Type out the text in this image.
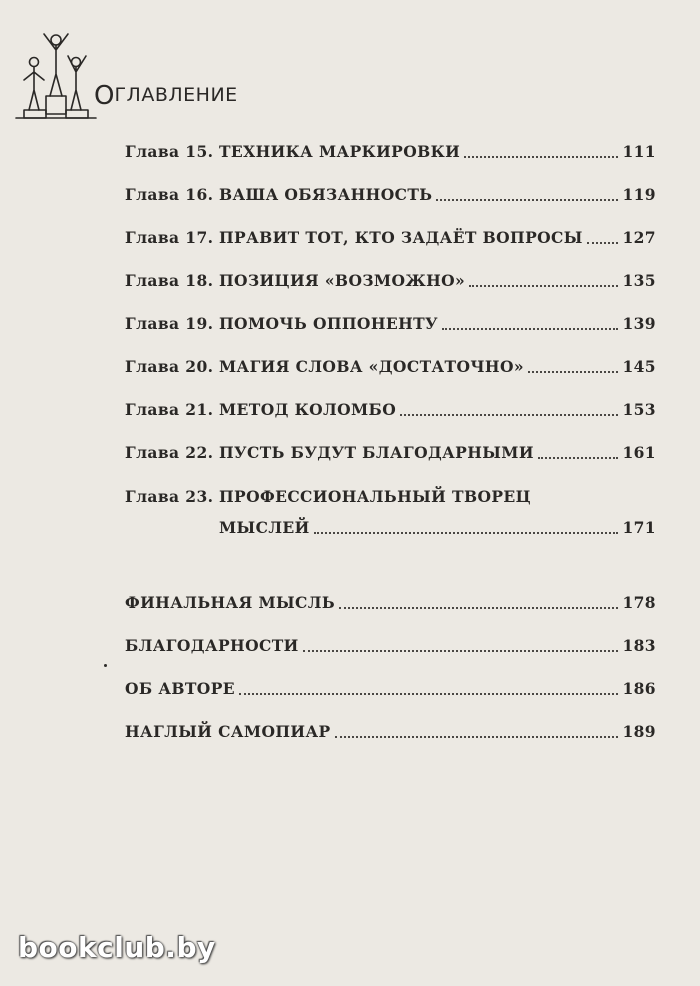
ОГЛАВЛЕНИЕ
Глава 15. ТЕХНИКА МАРКИРОВКИ	111
Глава 16. ВАША ОБЯЗАННОСТЬ	119
Глава 17. ПРАВИТ ТОТ, КТО ЗАДАЁТ ВОПРОСЫ	127
Глава 18. ПОЗИЦИЯ «ВОЗМОЖНО»	135
Глава 19. ПОМОЧЬ ОППОНЕНТУ	139
Глава 20. МАГИЯ СЛОВА «ДОСТАТОЧНО»	145
Глава 21. МЕТОД КОЛОМБО	153
Глава 22. ПУСТЬ БУДУТ БЛАГОДАРНЫМИ	161
Глава 23. ПРОФЕССИОНАЛЬНЫЙ ТВОРЕЦ
МЫСЛЕЙ	171
ФИНАЛЬНАЯ МЫСЛЬ	178
БЛАГОДАРНОСТИ	183
ОБ АВТОРЕ	186
НАГЛЫЙ САМОПИАР	189
bookclub.by
